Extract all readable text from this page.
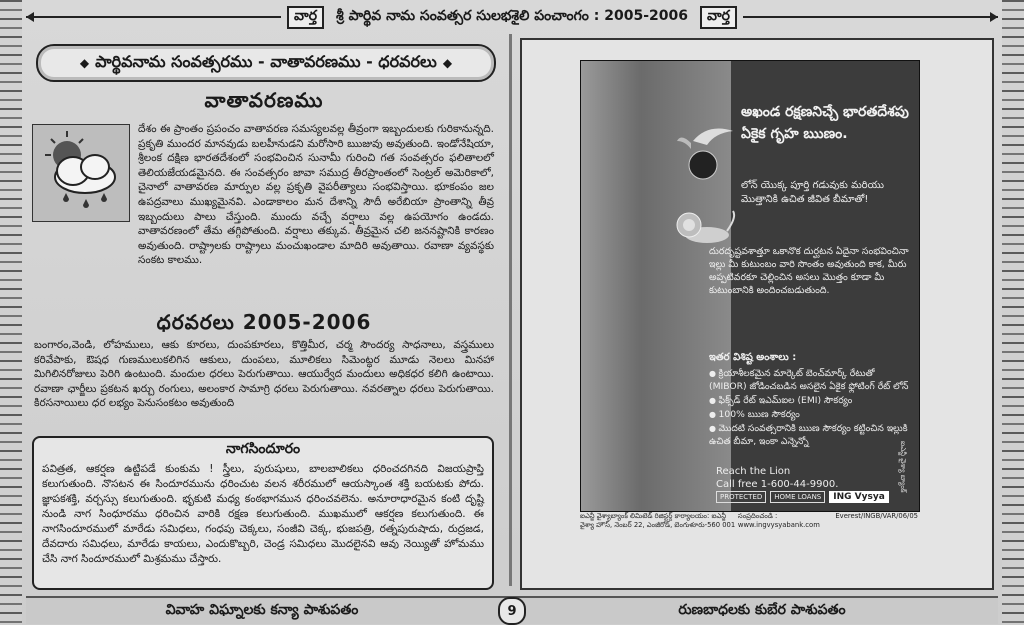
వార్త	శ్రీ పార్థివ నామ సంవత్సర సులభశైలి పంచాంగం : 2005-2006	వార్త
◆ పార్థివనామ సంవత్సరము - వాతావరణము - ధరవరలు ◆
వాతావరణము
దేశం ఈ ప్రాంతం ప్రపంచం వాతావరణ సమస్యలవల్ల తీవ్రంగా ఇబ్బందులకు గురికానున్నది. ప్రకృతి ముందర మానవుడు బలహీనుడని మరోసారి ఋజువు అవుతుంది. ఇండోనేషియా, శ్రీలంక దక్షిణ భారతదేశంలో సంభవించిన సునామీ గురించి గత సంవత్సరం ఫలితాలలో తెలియజేయడమైనది. ఈ సంవత్సరం జావా సముద్ర తీరప్రాంతంలో సెంట్రల్ అమెరికాలో, చైనాలో వాతావరణ మార్పుల వల్ల ప్రకృతి వైపరీత్యాలు సంభవిస్తాయి. భూకంపం జల ఉపద్రవాలు ముఖ్యమైనవి. ఎండాకాలం మన దేశాన్ని సౌదీ అరేబియా ప్రాంతాన్ని తీవ్ర ఇబ్బందులు పాలు చేస్తుంది. ముందు వచ్చే వర్షాలు వల్ల ఉపయోగం ఉండదు. వాతావరణంలో తేమ తగ్గిపోతుంది. వర్షాలు తక్కువ. తీవ్రమైన చలి జననష్టానికి కారణం అవుతుంది. రాష్ట్రాలకు రాష్ట్రాలు మంచుఖండాల మాదిరి అవుతాయి. రవాణా వ్యవస్థకు సంకట కాలము.
ధరవరలు 2005-2006
బంగారం,వెండి, లోహములు, ఆకు కూరలు, దుంపకూరలు, కొత్తిమీర, చర్మ సౌందర్య సాధనాలు, వస్త్రములు కరివేపాకు, ఔషధ గుణములుకలిగిన ఆకులు, దుంపలు, మూలికలు సిమెంట్ధర మూడు నెలలు మినహా మిగిలినరోజులు పెరిగి ఉంటుంది. మందుల ధరలు పెరుగుతాయి. ఆయుర్వేద మందులు అధికధర కలిగి ఉంటాయి. రవాణా ఛార్జీలు ప్రకటన ఖర్చు రంగులు, అలంకార సామాగ్రి ధరలు పెరుగుతాయి. నవరత్నాల ధరలు పెరుగుతాయి. కిరసనాయిలు ధర లభ్యం పెనుసంకటం అవుతుంది
నాగసిందూరం
పవిత్రత, ఆకర్షణ ఉట్టిపడే కుంకుమ ! స్త్రీలు, పురుషులు, బాలబాలికలు ధరించదగినది విజయప్రాప్తి కలుగుతుంది. నొసటన ఈ సిందూరమును ధరించుట వలన శరీరములో ఆయస్కాంత శక్తి బయటకు పోదు. జ్ఞాపకశక్తి, వర్చస్సు కలుగుతుంది. భృకుటి మధ్య కంఠభాగమున ధరించవలెను. అనూరాధారమైన కంటి దృష్టి నుండి నాగ సింధూరము ధరించిన వారికి రక్షణ కలుగుతుంది. ముఖములో ఆకర్షణ కలుగుతుంది. ఈ నాగసిందూరములో మారేడు సమిధలు, గంధపు చెక్కలు, సంజీవి చెక్క, భుజపత్రి, రత్నపురుషాదు, రుద్రజడ, దేవదారు సమిధలు, మారేడు కాయలు, ఎందుకొబ్బరి, చెండ్ర సమిధలు మొదలైనవి ఆవు నెయ్యితో హోమము చేసి నాగ సిందూరములో మిశ్రమము చేస్తారు.
అఖండ రక్షణనిచ్చే భారతదేశపు ఏకైక గృహ ఋణం.
లోన్ యొక్క పూర్తి గడువుకు మరియు మొత్తానికి ఉచిత జీవిత బీమాతో!
దురదృష్టవశాత్తూ ఒకానొక దుర్ఘటన ఏదైనా సంభవించినా ఇల్లు మీ కుటుంబం వారి సొంతం అవుతుంది కాక, మీరు అప్పటివరకూ చెల్లించిన అసలు మొత్తం కూడా మీ కుటుంబానికి అందించబడుతుంది.
ఇతర విశిష్ట అంశాలు :
● క్రియాశీలకమైన మార్కెట్ బెంచ్‌మార్క్ రేటుతో (MIBOR) జోడించబడిన అసలైన ఏకైక ఫ్లోటింగ్ రేట్ లోన్
● ఫిక్స్‌డ్ రేట్ ఇఎమ్ఐల (EMI) సౌకర్యం
● 100% ఋణ సౌకర్యం
● మొదటి సంవత్సరానికి ఋణ సౌకర్యం కట్టించిన ఇల్లుకి ఉచిత బీమా, ఇంకా ఎన్నెన్నో
Reach the Lion
Call free 1-600-44-9900.
PROTECTED	HOME LOANS	ING Vysya
ఐఎన్జీ వైశ్యా బ్యాంక్
ఐఎన్జీ వైశ్యాబ్యాంక్ లిమిటెడ్ రిజిస్టర్డ్ కార్యాలయం: ఐఎన్జీ వైశ్యా హౌస్, నెంబర్ 22, ఎంజీరోడ్, బెంగుళూరు-560 001
సంప్రదించండి : www.ingvysyabank.com
Everest/INGB/VAR/06/05
వివాహ విఘ్నాలకు కన్యా పాశుపతం	9	రుణబాధలకు కుబేర పాశుపతం
